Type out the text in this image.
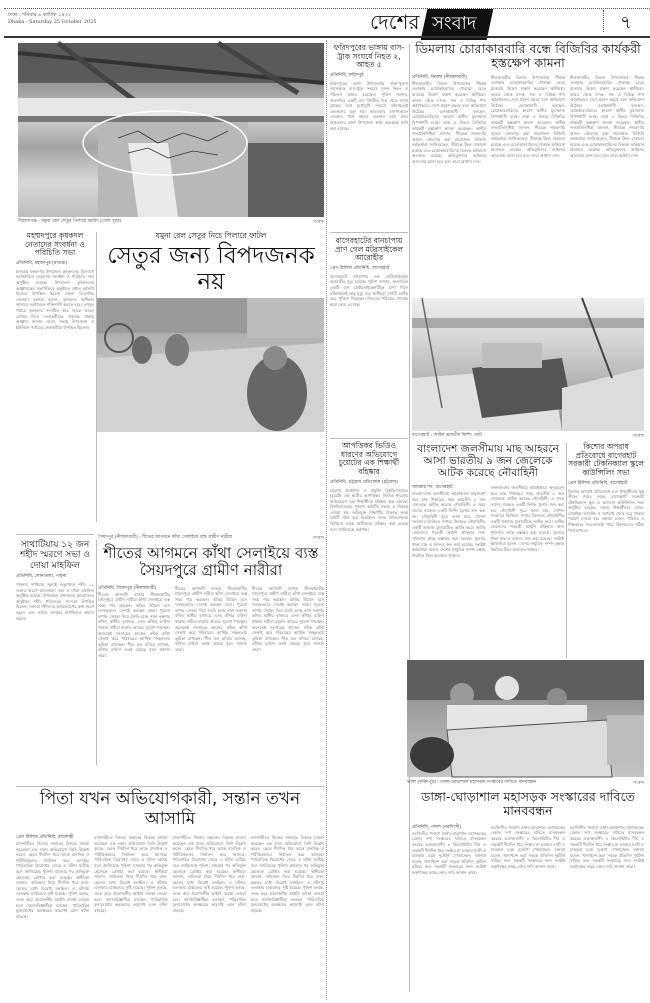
ঢাকা : শনিবার ৯ কার্তিক ১৪৩২
Dhaka : Saturday 25 October 2025	দেশের সংবাদ	৭
সিরাজগঞ্জ : যমুনা রেল সেতুর পিলারে ফাটল (গোল বৃত্তে)	সংবাদ
মহম্মদপুরে কৃষকদল নেতাদের সংবর্ধনা ও পরিচিতি সভা
প্রতিনিধি, মহম্মদপুর (মাগুরা)
মাগুরার মহম্মদপুর উপজেলা কৃষকদলের উদ্যোগে নবনির্বাচিত নেতাদের সংবর্ধনা ও পরিচিতি সভা অনুষ্ঠিত হয়েছে। উপজেলা কৃষকদলের আহ্বায়কের সভাপতিত্বে অনুষ্ঠানে প্রধান অতিথি হিসেবে উপস্থিত ছিলেন জেলা বিএনপির নেতারা। বক্তারা বলেন, কৃষকদের অধিকার আদায়ে সংগঠনকে শক্তিশালী করতে হবে। তৃণমূল পর্যায়ে কৃষকদের সংগঠিত করে দলকে আরও এগিয়ে নিতে নেতাকর্মীদের ঐক্যবদ্ধ থাকার আহ্বান জানান তারা। সভায় উপজেলা ও ইউনিয়ন পর্যায়ের নেতাকর্মীরা উপস্থিত ছিলেন।
যমুনা রেল সেতুর নিচে পিলারে ফাটল
সেতুর জন্য বিপদজনক নয়
সৈয়দপুর (নীলফামারী) : শীতের আগমনে কাঁথা সেলাইয়ে ব্যস্ত গ্রামীণ নারীরা	সংবাদ
সাথাটিয়ায় ১২ জন শহীদ স্মরণে সভা ও দোয়া মাহফিল
প্রতিনিধি, সোনাতলা, পাবনা
পাবনার সাথিয়ায় জুলাই অভ্যুত্থানে শহীদ ১২ জনের স্মরণে আলোচনা সভা ও দোয়া মাহফিল অনুষ্ঠিত হয়েছে। উপজেলা প্রশাসনের আয়োজনে অনুষ্ঠানে শহীদ পরিবারের সদস্যরা উপস্থিত ছিলেন। বক্তারা শহীদদের আত্মত্যাগের কথা স্মরণ করেন এবং তাদের আত্মার মাগফিরাত কামনা করেন।
শীতের আগমনে কাঁথা সেলাইয়ে ব্যস্ত সৈয়দপুরে গ্রামীণ নারীরা
প্রতিনিধি, সৈয়দপুর (নীলফামারী)
শীতের আগমনী বার্তায় নীলফামারীর সৈয়দপুরে গ্রামীণ নারীরা কাঁথা সেলাইয়ে ব্যস্ত সময় পার করছেন। বাড়ির উঠানে বসে দলবদ্ধভাবে সেলাই করছেন তারা। পুরনো কাপড় জোড়া দিয়ে তৈরি হচ্ছে নানা নকশার কাঁথা। স্থানীয় বাজারে এসব কাঁথার চাহিদা থাকায় নারীরা বাড়তি আয়ের সুযোগ পাচ্ছেন। অনেকেই সংসারের কাজের ফাঁকে কাঁথা সেলাই করে পরিবারের আর্থিক সচ্ছলতায় ভূমিকা রাখছেন। শীত যত ঘনিয়ে আসছে, কাঁথার চাহিদা ততই বাড়ছে বলে জানান তারা।
শীতের আগমনী বার্তায় নীলফামারীর সৈয়দপুরে গ্রামীণ নারীরা কাঁথা সেলাইয়ে ব্যস্ত সময় পার করছেন। বাড়ির উঠানে বসে দলবদ্ধভাবে সেলাই করছেন তারা। পুরনো কাপড় জোড়া দিয়ে তৈরি হচ্ছে নানা নকশার কাঁথা। স্থানীয় বাজারে এসব কাঁথার চাহিদা থাকায় নারীরা বাড়তি আয়ের সুযোগ পাচ্ছেন। অনেকেই সংসারের কাজের ফাঁকে কাঁথা সেলাই করে পরিবারের আর্থিক সচ্ছলতায় ভূমিকা রাখছেন। শীত যত ঘনিয়ে আসছে, কাঁথার চাহিদা ততই বাড়ছে বলে জানান তারা।
শীতের আগমনী বার্তায় নীলফামারীর সৈয়দপুরে গ্রামীণ নারীরা কাঁথা সেলাইয়ে ব্যস্ত সময় পার করছেন। বাড়ির উঠানে বসে দলবদ্ধভাবে সেলাই করছেন তারা। পুরনো কাপড় জোড়া দিয়ে তৈরি হচ্ছে নানা নকশার কাঁথা। স্থানীয় বাজারে এসব কাঁথার চাহিদা থাকায় নারীরা বাড়তি আয়ের সুযোগ পাচ্ছেন। অনেকেই সংসারের কাজের ফাঁকে কাঁথা সেলাই করে পরিবারের আর্থিক সচ্ছলতায় ভূমিকা রাখছেন। শীত যত ঘনিয়ে আসছে, কাঁথার চাহিদা ততই বাড়ছে বলে জানান তারা।
পিতা যখন অভিযোগকারী, সন্তান তখন আসামি
প্রেস রিলিজ প্রতিনিধি, রাজশাহী
রাজশাহীতে নিজের সন্তানের বিরুদ্ধে মামলা করেছেন এক বাবা। অভিযোগে তিনি উল্লেখ করেন, ছেলে দীর্ঘদিন ধরে তাকে মানসিক ও শারীরিকভাবে নির্যাতন করে আসছে। পারিবারিক বিরোধের জেরে এ ঘটনা ঘটেছে বলে জানিয়েছে পুলিশ। মামলার পর অভিযুক্ত ছেলেকে গ্রেপ্তার করা হয়েছে। স্থানীয়রা জানান, জমিজমা নিয়ে দীর্ঘদিন ধরে বাবা-ছেলের মধ্যে বিরোধ চলছিল। এ ঘটনায় এলাকায় চাঞ্চল্যের সৃষ্টি হয়েছে। পুলিশ বলছে, তদন্ত করে প্রয়োজনীয় আইনি ব্যবস্থা নেওয়া হবে। সমাজবিজ্ঞানীরা বলছেন, পারিবারিক মূল্যবোধের অবক্ষয়ের কারণেই এমন ঘটনা বাড়ছে।
রাজশাহীতে নিজের সন্তানের বিরুদ্ধে মামলা করেছেন এক বাবা। অভিযোগে তিনি উল্লেখ করেন, ছেলে দীর্ঘদিন ধরে তাকে মানসিক ও শারীরিকভাবে নির্যাতন করে আসছে। পারিবারিক বিরোধের জেরে এ ঘটনা ঘটেছে বলে জানিয়েছে পুলিশ। মামলার পর অভিযুক্ত ছেলেকে গ্রেপ্তার করা হয়েছে। স্থানীয়রা জানান, জমিজমা নিয়ে দীর্ঘদিন ধরে বাবা-ছেলের মধ্যে বিরোধ চলছিল। এ ঘটনায় এলাকায় চাঞ্চল্যের সৃষ্টি হয়েছে। পুলিশ বলছে, তদন্ত করে প্রয়োজনীয় আইনি ব্যবস্থা নেওয়া হবে। সমাজবিজ্ঞানীরা বলছেন, পারিবারিক মূল্যবোধের অবক্ষয়ের কারণেই এমন ঘটনা বাড়ছে।
রাজশাহীতে নিজের সন্তানের বিরুদ্ধে মামলা করেছেন এক বাবা। অভিযোগে তিনি উল্লেখ করেন, ছেলে দীর্ঘদিন ধরে তাকে মানসিক ও শারীরিকভাবে নির্যাতন করে আসছে। পারিবারিক বিরোধের জেরে এ ঘটনা ঘটেছে বলে জানিয়েছে পুলিশ। মামলার পর অভিযুক্ত ছেলেকে গ্রেপ্তার করা হয়েছে। স্থানীয়রা জানান, জমিজমা নিয়ে দীর্ঘদিন ধরে বাবা-ছেলের মধ্যে বিরোধ চলছিল। এ ঘটনায় এলাকায় চাঞ্চল্যের সৃষ্টি হয়েছে। পুলিশ বলছে, তদন্ত করে প্রয়োজনীয় আইনি ব্যবস্থা নেওয়া হবে। সমাজবিজ্ঞানীরা বলছেন, পারিবারিক মূল্যবোধের অবক্ষয়ের কারণেই এমন ঘটনা বাড়ছে।
রাজশাহীতে নিজের সন্তানের বিরুদ্ধে মামলা করেছেন এক বাবা। অভিযোগে তিনি উল্লেখ করেন, ছেলে দীর্ঘদিন ধরে তাকে মানসিক ও শারীরিকভাবে নির্যাতন করে আসছে। পারিবারিক বিরোধের জেরে এ ঘটনা ঘটেছে বলে জানিয়েছে পুলিশ। মামলার পর অভিযুক্ত ছেলেকে গ্রেপ্তার করা হয়েছে। স্থানীয়রা জানান, জমিজমা নিয়ে দীর্ঘদিন ধরে বাবা-ছেলের মধ্যে বিরোধ চলছিল। এ ঘটনায় এলাকায় চাঞ্চল্যের সৃষ্টি হয়েছে। পুলিশ বলছে, তদন্ত করে প্রয়োজনীয় আইনি ব্যবস্থা নেওয়া হবে। সমাজবিজ্ঞানীরা বলছেন, পারিবারিক মূল্যবোধের অবক্ষয়ের কারণেই এমন ঘটনা বাড়ছে।
ফরিদপুরের ভাঙ্গায় বাস-ট্রাক সংঘর্ষে নিহত ২, আহত ৫
প্রতিনিধি, ফরিদপুর
ফরিদপুরের ভাঙ্গা উপজেলায় ঢাকা-খুলনা মহাসড়কে বাস-ট্রাক সংঘর্ষে দুজন নিহত ও পাঁচজন আহত হয়েছেন। পুলিশ জানায়, দ্রুতগতির একটি বাস বিপরীত দিক থেকে আসা ট্রাকের সঙ্গে মুখোমুখি সংঘর্ষে ঘটনাস্থলেই একজনের মৃত্যু হয়। আহতদের হাসপাতালে নেওয়ার পথে আরও একজন মারা যান। আহতদের ভাঙ্গা উপজেলা স্বাস্থ্য কমপ্লেক্সে ভর্তি করা হয়েছে।
ডিমলায় চোরাকারবারি বন্ধে বিজিবির কার্যকরী হস্তক্ষেপ কামনা
প্রতিনিধি, ডিমলা (নীলফামারী)
নীলফামারীর ডিমলা উপজেলার সীমান্ত এলাকায় চোরাকারবারির দৌরাত্ম্য বেড়ে যাওয়ায় উদ্বেগ প্রকাশ করেছেন স্থানীয়রা। ভারত থেকে মাদক, গরু ও বিভিন্ন পণ্য অবৈধভাবে দেশে প্রবেশ করছে বলে অভিযোগ উঠেছে। এলাকাবাসী বলছেন, চোরাকারবারিদের কারণে স্থানীয় যুবসমাজ বিপথগামী হচ্ছে। তারা এ বিষয়ে বিজিবির কার্যকরী হস্তক্ষেপ কামনা করেছেন। স্থানীয় জনপ্রতিনিধিরা জানান, সীমান্তে নজরদারি আরও জোরদার করা প্রয়োজন। বিজিবি কর্মকর্তারা জানিয়েছেন, সীমান্তে টহল বাড়ানো হয়েছে এবং চোরাকারবারিদের বিরুদ্ধে অভিযান অব্যাহত রয়েছে। অভিযুক্তদের আইনের আওতায় আনা হবে বলে তারা আশ্বাস দেন।
নীলফামারীর ডিমলা উপজেলার সীমান্ত এলাকায় চোরাকারবারির দৌরাত্ম্য বেড়ে যাওয়ায় উদ্বেগ প্রকাশ করেছেন স্থানীয়রা। ভারত থেকে মাদক, গরু ও বিভিন্ন পণ্য অবৈধভাবে দেশে প্রবেশ করছে বলে অভিযোগ উঠেছে। এলাকাবাসী বলছেন, চোরাকারবারিদের কারণে স্থানীয় যুবসমাজ বিপথগামী হচ্ছে। তারা এ বিষয়ে বিজিবির কার্যকরী হস্তক্ষেপ কামনা করেছেন। স্থানীয় জনপ্রতিনিধিরা জানান, সীমান্তে নজরদারি আরও জোরদার করা প্রয়োজন। বিজিবি কর্মকর্তারা জানিয়েছেন, সীমান্তে টহল বাড়ানো হয়েছে এবং চোরাকারবারিদের বিরুদ্ধে অভিযান অব্যাহত রয়েছে। অভিযুক্তদের আইনের আওতায় আনা হবে বলে তারা আশ্বাস দেন।
নীলফামারীর ডিমলা উপজেলার সীমান্ত এলাকায় চোরাকারবারির দৌরাত্ম্য বেড়ে যাওয়ায় উদ্বেগ প্রকাশ করেছেন স্থানীয়রা। ভারত থেকে মাদক, গরু ও বিভিন্ন পণ্য অবৈধভাবে দেশে প্রবেশ করছে বলে অভিযোগ উঠেছে। এলাকাবাসী বলছেন, চোরাকারবারিদের কারণে স্থানীয় যুবসমাজ বিপথগামী হচ্ছে। তারা এ বিষয়ে বিজিবির কার্যকরী হস্তক্ষেপ কামনা করেছেন। স্থানীয় জনপ্রতিনিধিরা জানান, সীমান্তে নজরদারি আরও জোরদার করা প্রয়োজন। বিজিবি কর্মকর্তারা জানিয়েছেন, সীমান্তে টহল বাড়ানো হয়েছে এবং চোরাকারবারিদের বিরুদ্ধে অভিযান অব্যাহত রয়েছে। অভিযুক্তদের আইনের আওতায় আনা হবে বলে তারা আশ্বাস দেন।
বাগেরহাটের বানচাপায় প্রাণ গেল মটরসাইকেল আরোহীর
প্রেস রিলিজ প্রতিনিধি, বাগেরহাট
বাগেরহাটে বাসচাপায় এক মোটরসাইকেল আরোহীর মৃত্যু হয়েছে। পুলিশ জানায়, দ্রুতগতির একটি বাস মোটরসাইকেলটিকে চাপা দিলে ঘটনাস্থলেই তার মৃত্যু হয়। স্থানীয়রা বাসটি আটক করে পুলিশে দিয়েছেন। নিহতের পরিবারে শোকের ছায়া নেমে এসেছে।
বাগেরহাট : আটক ভারতীয় ফিশিং বোট	সংবাদ
আপত্তিকর ভিডিও ধারণের অভিযোগে চুয়েটের এক শিক্ষার্থী বহিষ্কার
প্রতিনিধি, চট্টগ্রাম প্রতিবেদক (চট্টগ্রাম)
চট্টগ্রাম প্রকৌশল ও প্রযুক্তি বিশ্ববিদ্যালয়ের (চুয়েট) এক ছাত্রীর আপত্তিকর ভিডিও ধারণের অভিযোগে এক শিক্ষার্থীকে বহিষ্কার করা হয়েছে। বিশ্ববিদ্যালয়ের শৃঙ্খলা কমিটির সভায় এ সিদ্ধান্ত নেওয়া হয়। অভিযুক্ত শিক্ষার্থীর বিরুদ্ধে তদন্ত কমিটি গঠন করা হয়েছিল। তদন্ত প্রতিবেদনের ভিত্তিতে তাকে স্থায়ীভাবে বহিষ্কার করা হয়েছে বলে জানিয়েছে কর্তৃপক্ষ।
বাংলাদেশ জলসীমায় মাছ আহরনে আসা ভারতীয় ৯ জন জেলেকে আটক করেছে নৌবাহিনী
আবরার শব, বাগেরহাট
বাংলাদেশের জলসীমায় অবৈধভাবে অনুপ্রবেশ করে মাছ শিকারের সময় ভারতীয় ৯ জন জেলেকে আটক করেছে নৌবাহিনী। এ সময় তাদের ব্যবহৃত একটি ফিশিং ট্রলার জব্দ করা হয়। নৌবাহিনী সূত্রে জানা যায়, গোপন সংবাদের ভিত্তিতে সাগরে টহলরত নৌবাহিনীর একটি জাহাজ ট্রলারটিকে আটক করে। আটক জেলেদের পরবর্তী আইনি প্রক্রিয়ার জন্য পুলিশের কাছে হস্তান্তর করা হয়েছে। ট্রলারে থাকা মাছ ও জালও জব্দ করা হয়েছে। সংশ্লিষ্ট কর্মকর্তারা বলেন, দেশের সামুদ্রিক সম্পদ রক্ষায় নিয়মিত টহল অব্যাহত থাকবে।
বাংলাদেশের জলসীমায় অবৈধভাবে অনুপ্রবেশ করে মাছ শিকারের সময় ভারতীয় ৯ জন জেলেকে আটক করেছে নৌবাহিনী। এ সময় তাদের ব্যবহৃত একটি ফিশিং ট্রলার জব্দ করা হয়। নৌবাহিনী সূত্রে জানা যায়, গোপন সংবাদের ভিত্তিতে সাগরে টহলরত নৌবাহিনীর একটি জাহাজ ট্রলারটিকে আটক করে। আটক জেলেদের পরবর্তী আইনি প্রক্রিয়ার জন্য পুলিশের কাছে হস্তান্তর করা হয়েছে। ট্রলারে থাকা মাছ ও জালও জব্দ করা হয়েছে। সংশ্লিষ্ট কর্মকর্তারা বলেন, দেশের সামুদ্রিক সম্পদ রক্ষায় নিয়মিত টহল অব্যাহত থাকবে।
কিশোর অপরাধ প্রতিরোধে বাগেরহাট সরকারী টেকনিক্যাল স্কুলে কাউন্সিলিং সভা
প্রেস রিলিজ প্রতিনিধি, বাগেরহাট
কিশোর অপরাধ প্রতিরোধে এবং শিক্ষার্থীদের সুস্থ জীবন গড়ার লক্ষ্যে বাগেরহাট সরকারী টেকনিক্যাল স্কুল ও কলেজে কাউন্সিলিং সভা অনুষ্ঠিত হয়েছে। সভায় শিক্ষার্থীদের মাদক, মোবাইল আসক্তি ও অপরাধ থেকে দূরে থাকার পরামর্শ দেওয়া হয়। বক্তারা বলেন, পরিবার ও শিক্ষকদের সচেতনতাই পারে কিশোরদের সঠিক পথে রাখতে।
ভাঙ্গা (ফরিদপুর) : ডাঙ্গা-ঘোড়াশাল মহাসড়ক সংস্কারের দাবিতে মানববন্ধন	সংবাদ
ডাঙ্গা-ঘোড়াশাল মহাসড়ক সংস্কারের দাবিতে মানববন্ধন
প্রতিনিধি, পলাশ (নরসিংদী)
নরসিংদীর পলাশে ডাঙ্গা-ঘোড়াশাল মহাসড়কের বেহাল দশা সংস্কারের দাবিতে মানববন্ধন করেছে এলাকাবাসী। ৮ কিলোমিটার দীর্ঘ এ সড়কটি দীর্ঘদিন ধরে সংস্কার না হওয়ায় যাত্রী ও চালকরা চরম দুর্ভোগ পোহাচ্ছেন। বক্তারা বলেন, খানাখন্দে ভরা সড়কে প্রতিদিন দুর্ঘটনা ঘটছে। দ্রুত সড়কটি সংস্কারের জন্য সংশ্লিষ্ট কর্তৃপক্ষের কাছে জোর দাবি জানান তারা।
নরসিংদীর পলাশে ডাঙ্গা-ঘোড়াশাল মহাসড়কের বেহাল দশা সংস্কারের দাবিতে মানববন্ধন করেছে এলাকাবাসী। ৮ কিলোমিটার দীর্ঘ এ সড়কটি দীর্ঘদিন ধরে সংস্কার না হওয়ায় যাত্রী ও চালকরা চরম দুর্ভোগ পোহাচ্ছেন। বক্তারা বলেন, খানাখন্দে ভরা সড়কে প্রতিদিন দুর্ঘটনা ঘটছে। দ্রুত সড়কটি সংস্কারের জন্য সংশ্লিষ্ট কর্তৃপক্ষের কাছে জোর দাবি জানান তারা।
নরসিংদীর পলাশে ডাঙ্গা-ঘোড়াশাল মহাসড়কের বেহাল দশা সংস্কারের দাবিতে মানববন্ধন করেছে এলাকাবাসী। ৮ কিলোমিটার দীর্ঘ এ সড়কটি দীর্ঘদিন ধরে সংস্কার না হওয়ায় যাত্রী ও চালকরা চরম দুর্ভোগ পোহাচ্ছেন। বক্তারা বলেন, খানাখন্দে ভরা সড়কে প্রতিদিন দুর্ঘটনা ঘটছে। দ্রুত সড়কটি সংস্কারের জন্য সংশ্লিষ্ট কর্তৃপক্ষের কাছে জোর দাবি জানান তারা।
